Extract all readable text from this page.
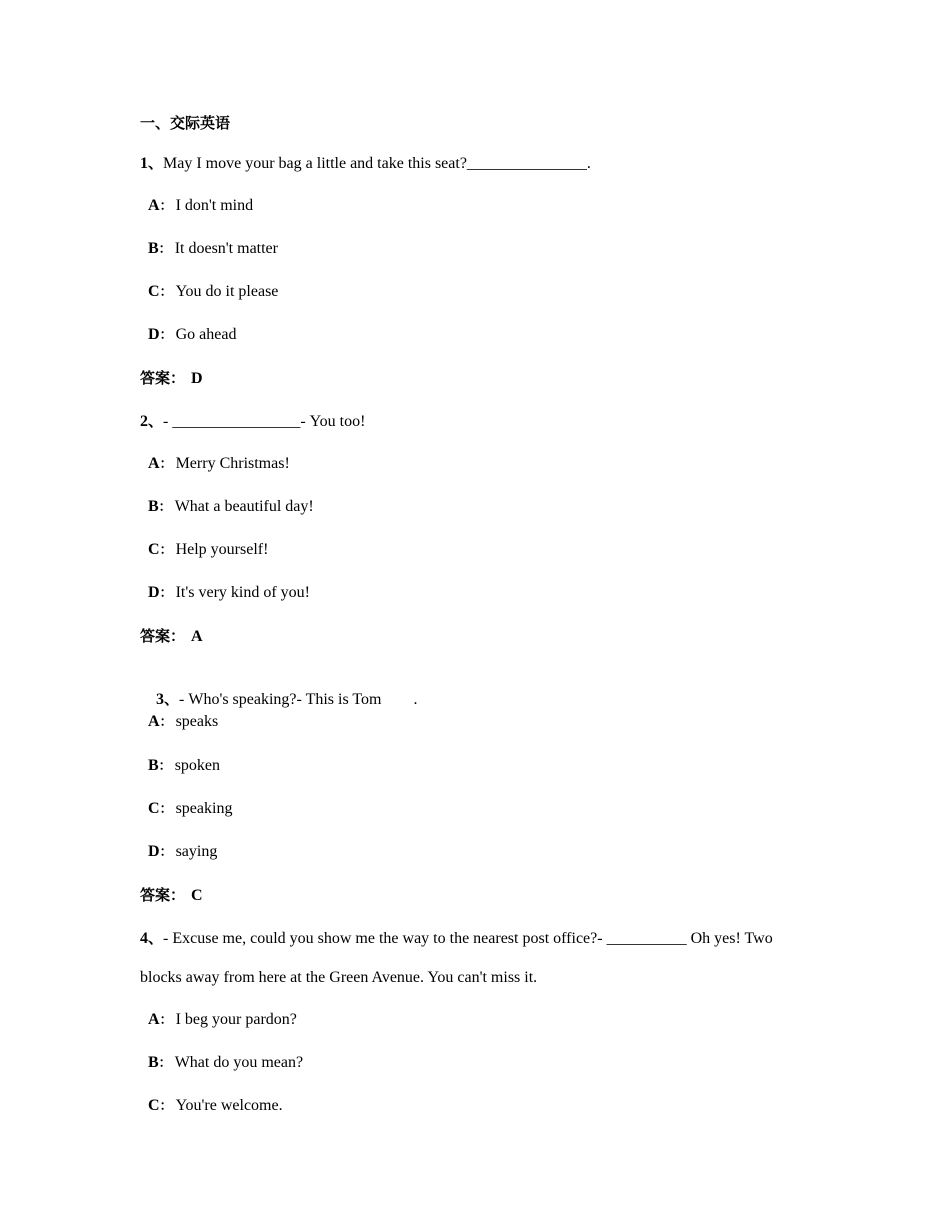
一、交际英语
1、May I move your bag a little and take this seat?_______________.
A： I don't mind
B： It doesn't matter
C： You do it please
D： Go ahead
答案： D
2、- ________________- You too!
A： Merry Christmas!
B： What a beautiful day!
C： Help yourself!
D： It's very kind of you!
答案： A

3、- Who's speaking?- This is Tom        .

A： speaks
B： spoken
C： speaking
D： saying
答案： C
4、- Excuse me, could you show me the way to the nearest post office?- __________ Oh yes! Two
blocks away from here at the Green Avenue. You can't miss it.
A： I beg your pardon?
B： What do you mean?
C： You're welcome.
